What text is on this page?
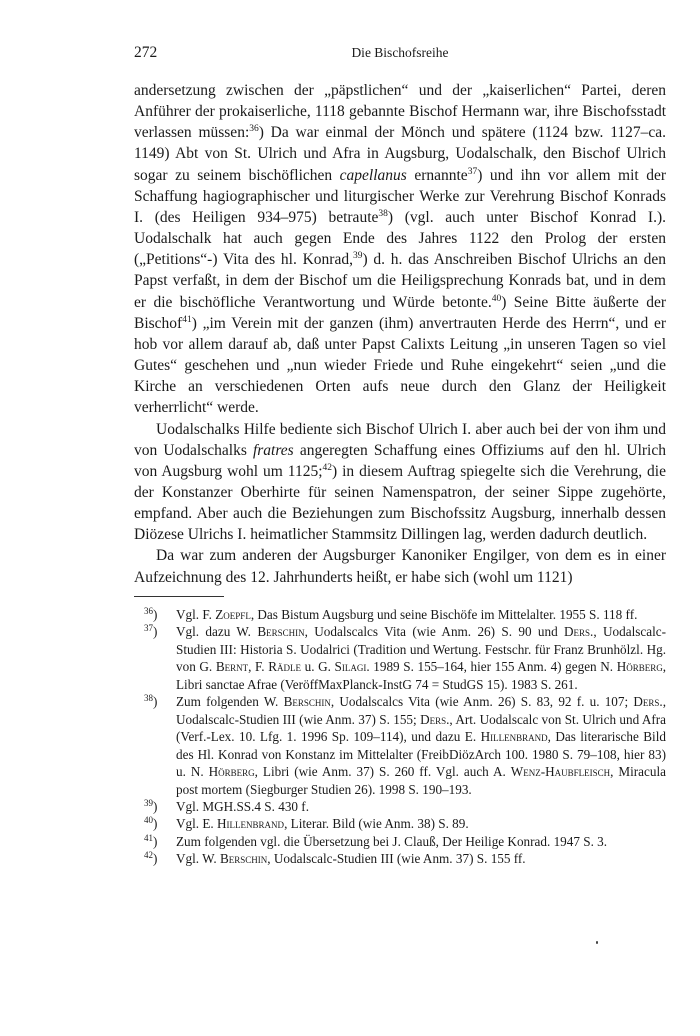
272	Die Bischofsreihe

andersetzung zwischen der „päpstlichen“ und der „kaiserlichen“ Partei, deren Anführer der prokaiserliche, 1118 gebannte Bischof Hermann war, ihre Bischofsstadt verlassen müssen:$^{36}$) Da war einmal der Mönch und spätere (1124 bzw. 1127–ca. 1149) Abt von St. Ulrich und Afra in Augsburg, Uodalschalk, den Bischof Ulrich sogar zu seinem bischöflichen capellanus ernannte$^{37}$) und ihn vor allem mit der Schaffung hagiographischer und liturgischer Werke zur Verehrung Bischof Konrads I. (des Heiligen 934–975) betraute$^{38}$) (vgl. auch unter Bischof Konrad I.). Uodalschalk hat auch gegen Ende des Jahres 1122 den Prolog der ersten („Petitions“-) Vita des hl. Konrad,$^{39}$) d. h. das Anschreiben Bischof Ulrichs an den Papst verfaßt, in dem der Bischof um die Heiligsprechung Konrads bat, und in dem er die bischöfliche Verantwortung und Würde betonte.$^{40}$) Seine Bitte äußerte der Bischof$^{41}$) „im Verein mit der ganzen (ihm) anvertrauten Herde des Herrn“, und er hob vor allem darauf ab, daß unter Papst Calixts Leitung „in unseren Tagen so viel Gutes“ geschehen und „nun wieder Friede und Ruhe eingekehrt“ seien „und die Kirche an verschiedenen Orten aufs neue durch den Glanz der Heiligkeit verherrlicht“ werde.

Uodalschalks Hilfe bediente sich Bischof Ulrich I. aber auch bei der von ihm und von Uodalschalks fratres angeregten Schaffung eines Offiziums auf den hl. Ulrich von Augsburg wohl um 1125;$^{42}$) in diesem Auftrag spiegelte sich die Verehrung, die der Konstanzer Oberhirte für seinen Namenspatron, der seiner Sippe zugehörte, empfand. Aber auch die Beziehungen zum Bischofssitz Augsburg, innerhalb dessen Diözese Ulrichs I. heimatlicher Stammsitz Dillingen lag, werden dadurch deutlich.

Da war zum anderen der Augsburger Kanoniker Engilger, von dem es in einer Aufzeichnung des 12. Jahrhunderts heißt, er habe sich (wohl um 1121)

$^{36}$) Vgl. F. Zoepfl, Das Bistum Augsburg und seine Bischöfe im Mittelalter. 1955 S. 118 ff.

$^{37}$) Vgl. dazu W. Berschin, Uodalscalcs Vita (wie Anm. 26) S. 90 und Ders., Uodalscalc-Studien III: Historia S. Uodalrici (Tradition und Wertung. Festschr. für Franz Brunhölzl. Hg. von G. Bernt, F. Rädle u. G. Silagi. 1989 S. 155–164, hier 155 Anm. 4) gegen N. Hörberg, Libri sanctae Afrae (VeröffMaxPlanck-InstG 74 = StudGS 15). 1983 S. 261.

$^{38}$) Zum folgenden W. Berschin, Uodalscalcs Vita (wie Anm. 26) S. 83, 92 f. u. 107; Ders., Uodalscalc-Studien III (wie Anm. 37) S. 155; Ders., Art. Uodalscalc von St. Ulrich und Afra (Verf.-Lex. 10. Lfg. 1. 1996 Sp. 109–114), und dazu E. Hillenbrand, Das literarische Bild des Hl. Konrad von Konstanz im Mittelalter (FreibDiözArch 100. 1980 S. 79–108, hier 83) u. N. Hörberg, Libri (wie Anm. 37) S. 260 ff. Vgl. auch A. Wenz-Haubfleisch, Miracula post mortem (Siegburger Studien 26). 1998 S. 190–193.

$^{39}$) Vgl. MGH.SS.4 S. 430 f.

$^{40}$) Vgl. E. Hillenbrand, Literar. Bild (wie Anm. 38) S. 89.

$^{41}$) Zum folgenden vgl. die Übersetzung bei J. Clauß, Der Heilige Konrad. 1947 S. 3.

$^{42}$) Vgl. W. Berschin, Uodalscalc-Studien III (wie Anm. 37) S. 155 ff.
